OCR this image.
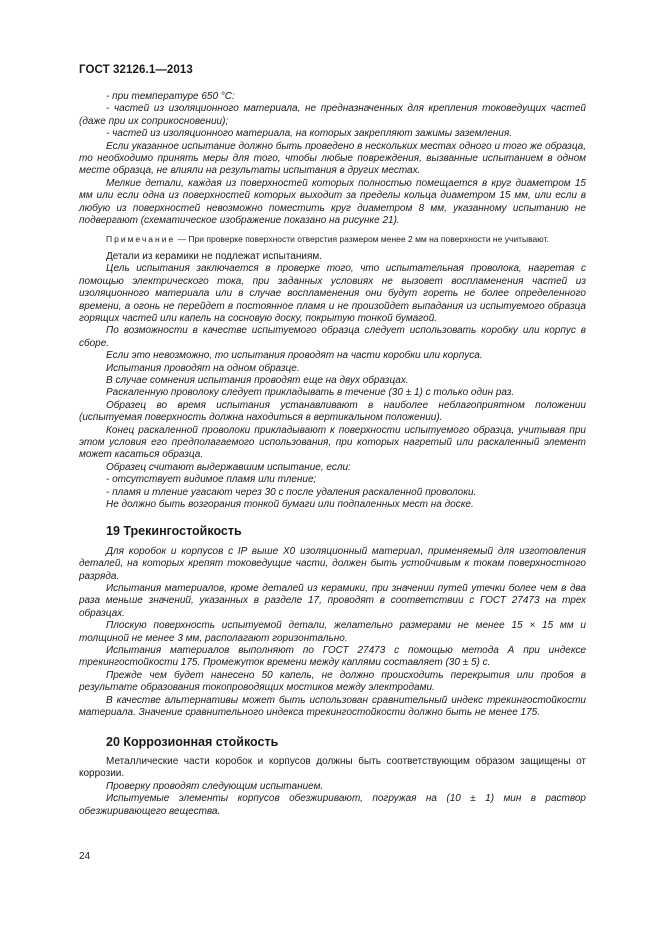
ГОСТ 32126.1—2013

- при температуре 650 °С:

- частей из изоляционного материала, не предназначенных для крепления токоведущих частей (даже при их соприкосновении);

- частей из изоляционного материала, на которых закрепляют зажимы заземления.

Если указанное испытание должно быть проведено в нескольких местах одного и того же образца, то необходимо принять меры для того, чтобы любые повреждения, вызванные испытанием в одном месте образца, не влияли на результаты испытания в других местах.

Мелкие детали, каждая из поверхностей которых полностью помещается в круг диаметром 15 мм или если одна из поверхностей которых выходит за пределы кольца диаметром 15 мм, или если в любую из поверхностей невозможно поместить круг диаметром 8 мм, указанному испытанию не подвергают (схематическое изображение показано на рисунке 21).

Примечание — При проверке поверхности отверстия размером менее 2 мм на поверхности не учитывают.

Детали из керамики не подлежат испытаниям.

Цель испытания заключается в проверке того, что испытательная проволока, нагретая с помощью электрического тока, при заданных условиях не вызовет воспламенения частей из изоляционного материала или в случае воспламенения они будут гореть не более определенного времени, а огонь не перейдет в постоянное пламя и не произойдет выпадания из испытуемого образца горящих частей или капель на сосновую доску, покрытую тонкой бумагой.

По возможности в качестве испытуемого образца следует использовать коробку или корпус в сборе.

Если это невозможно, то испытания проводят на части коробки или корпуса.

Испытания проводят на одном образце.

В случае сомнения испытания проводят еще на двух образцах.

Раскаленную проволоку следует прикладывать в течение (30 ± 1) с только один раз.

Образец во время испытания устанавливают в наиболее неблагоприятном положении (испытуемая поверхность должна находиться в вертикальном положении).

Конец раскаленной проволоки прикладывают к поверхности испытуемого образца, учитывая при этом условия его предполагаемого использования, при которых нагретый или раскаленный элемент может касаться образца.

Образец считают выдержавшим испытание, если:

- отсутствует видимое пламя или тление;

- пламя и тление угасают через 30 с после удаления раскаленной проволоки.

Не должно быть возгорания тонкой бумаги или подпаленных мест на доске.

19 Трекингостойкость

Для коробок и корпусов с IP выше Х0 изоляционный материал, применяемый для изготовления деталей, на которых крепят токоведущие части, должен быть устойчивым к токам поверхностного разряда.

Испытания материалов, кроме деталей из керамики, при значении путей утечки более чем в два раза меньше значений, указанных в разделе 17, проводят в соответствии с ГОСТ 27473 на трех образцах.

Плоскую поверхность испытуемой детали, желательно размерами не менее 15 × 15 мм и толщиной не менее 3 мм, располагают горизонтально.

Испытания материалов выполняют по ГОСТ 27473 с помощью метода А при индексе трекингостойкости 175. Промежуток времени между каплями составляет (30 ± 5) с.

Прежде чем будет нанесено 50 капель, не должно происходить перекрытия или пробоя в результате образования токопроводящих мостиков между электродами.

В качестве альтернативы может быть использован сравнительный индекс трекингостойкости материала. Значение сравнительного индекса трекингостойкости должно быть не менее 175.

20 Коррозионная стойкость

Металлические части коробок и корпусов должны быть соответствующим образом защищены от коррозии.

Проверку проводят следующим испытанием.

Испытуемые элементы корпусов обезжиривают, погружая на (10 ± 1) мин в раствор обезжиривающего вещества.

24
